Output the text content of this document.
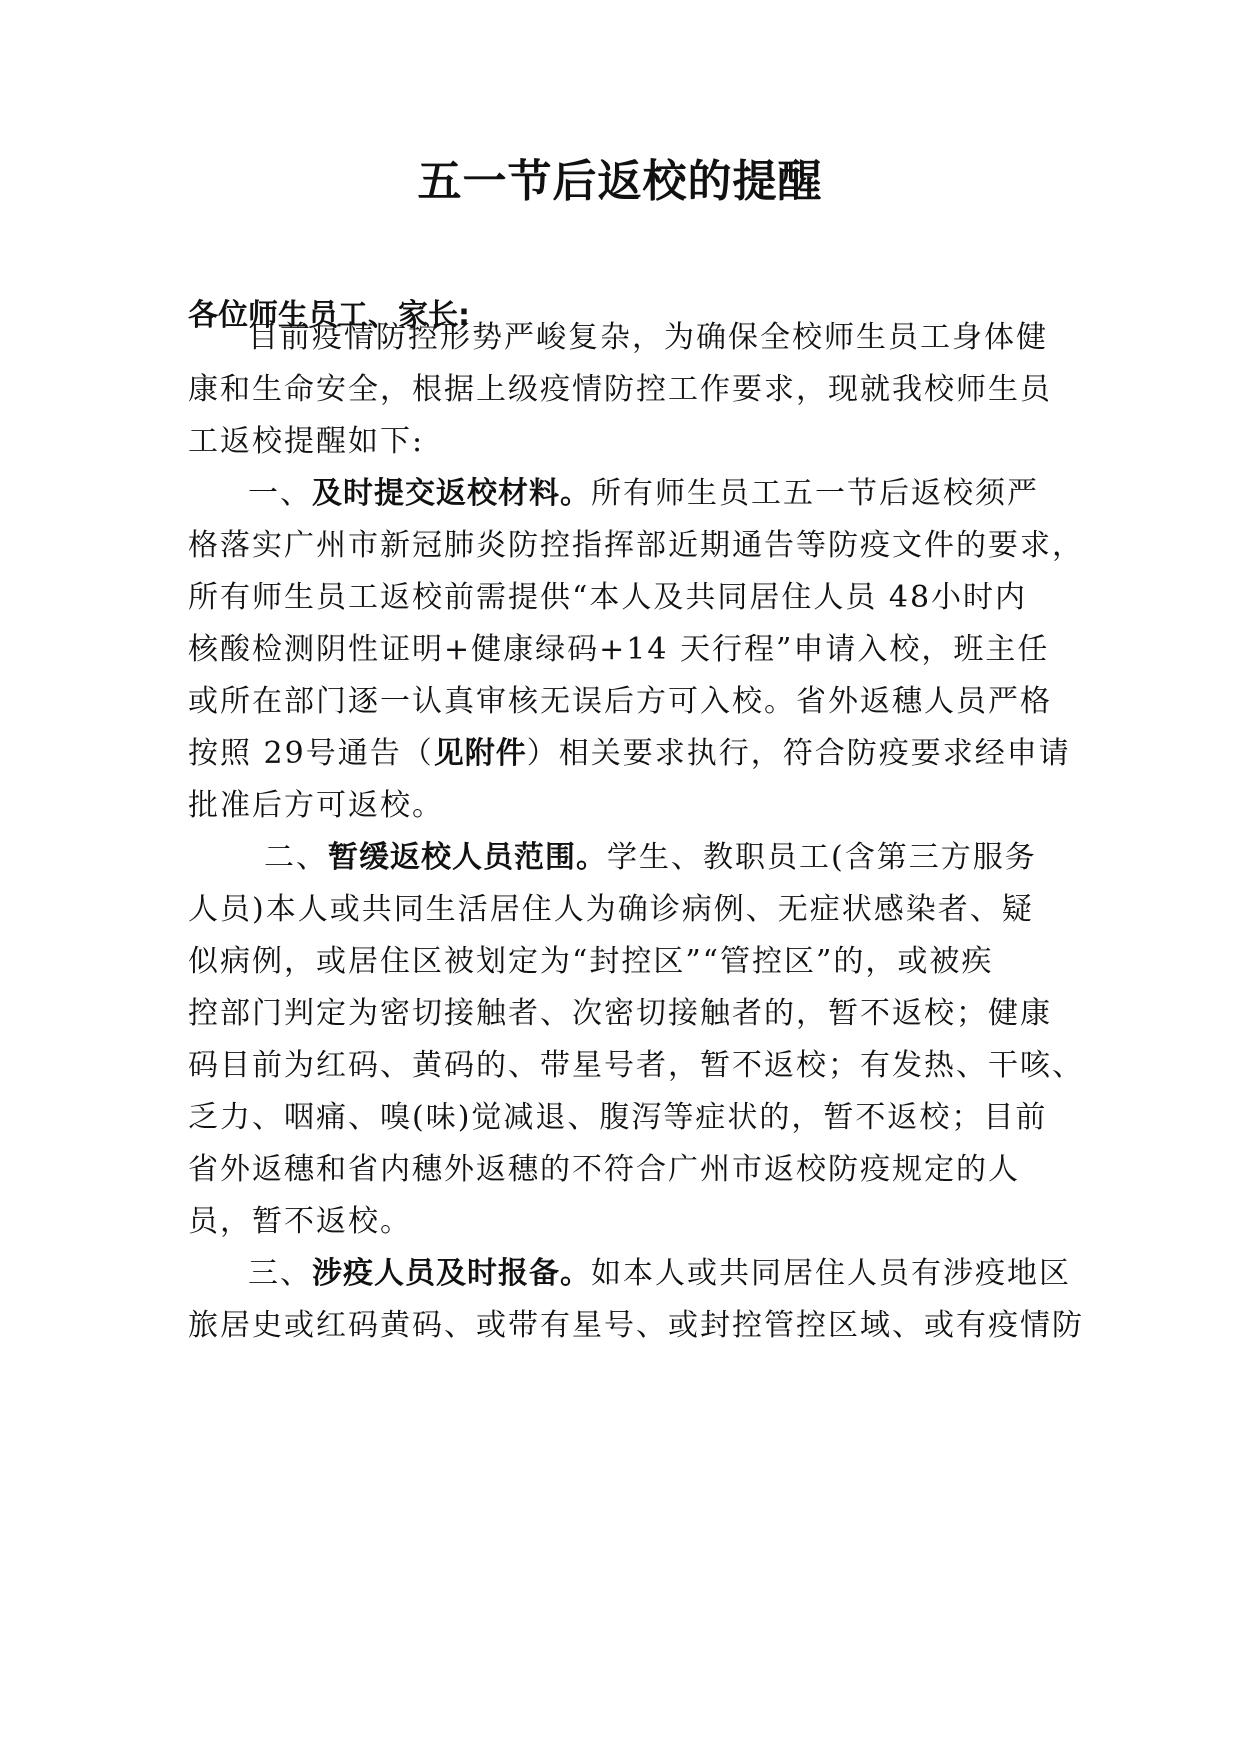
五一节后返校的提醒
各位师生员工、家长:
目前疫情防控形势严峻复杂，为确保全校师生员工身体健
康和生命安全，根据上级疫情防控工作要求，现就我校师生员
工返校提醒如下:
一、及时提交返校材料。所有师生员工五一节后返校须严
格落实广州市新冠肺炎防控指挥部近期通告等防疫文件的要求，
所有师生员工返校前需提供“本人及共同居住人员 48小时内
核酸检测阴性证明+健康绿码+14 天行程”申请入校，班主任
或所在部门逐一认真审核无误后方可入校。省外返穗人员严格
按照 29号通告（见附件）相关要求执行，符合防疫要求经申请
批准后方可返校。
二、暂缓返校人员范围。学生、教职员工(含第三方服务
人员)本人或共同生活居住人为确诊病例、无症状感染者、疑
似病例，或居住区被划定为“封控区”“管控区”的，或被疾
控部门判定为密切接触者、次密切接触者的，暂不返校；健康
码目前为红码、黄码的、带星号者，暂不返校；有发热、干咳、
乏力、咽痛、嗅(味)觉减退、腹泻等症状的，暂不返校；目前
省外返穗和省内穗外返穗的不符合广州市返校防疫规定的人
员，暂不返校。
三、涉疫人员及时报备。如本人或共同居住人员有涉疫地区
旅居史或红码黄码、或带有星号、或封控管控区域、或有疫情防
